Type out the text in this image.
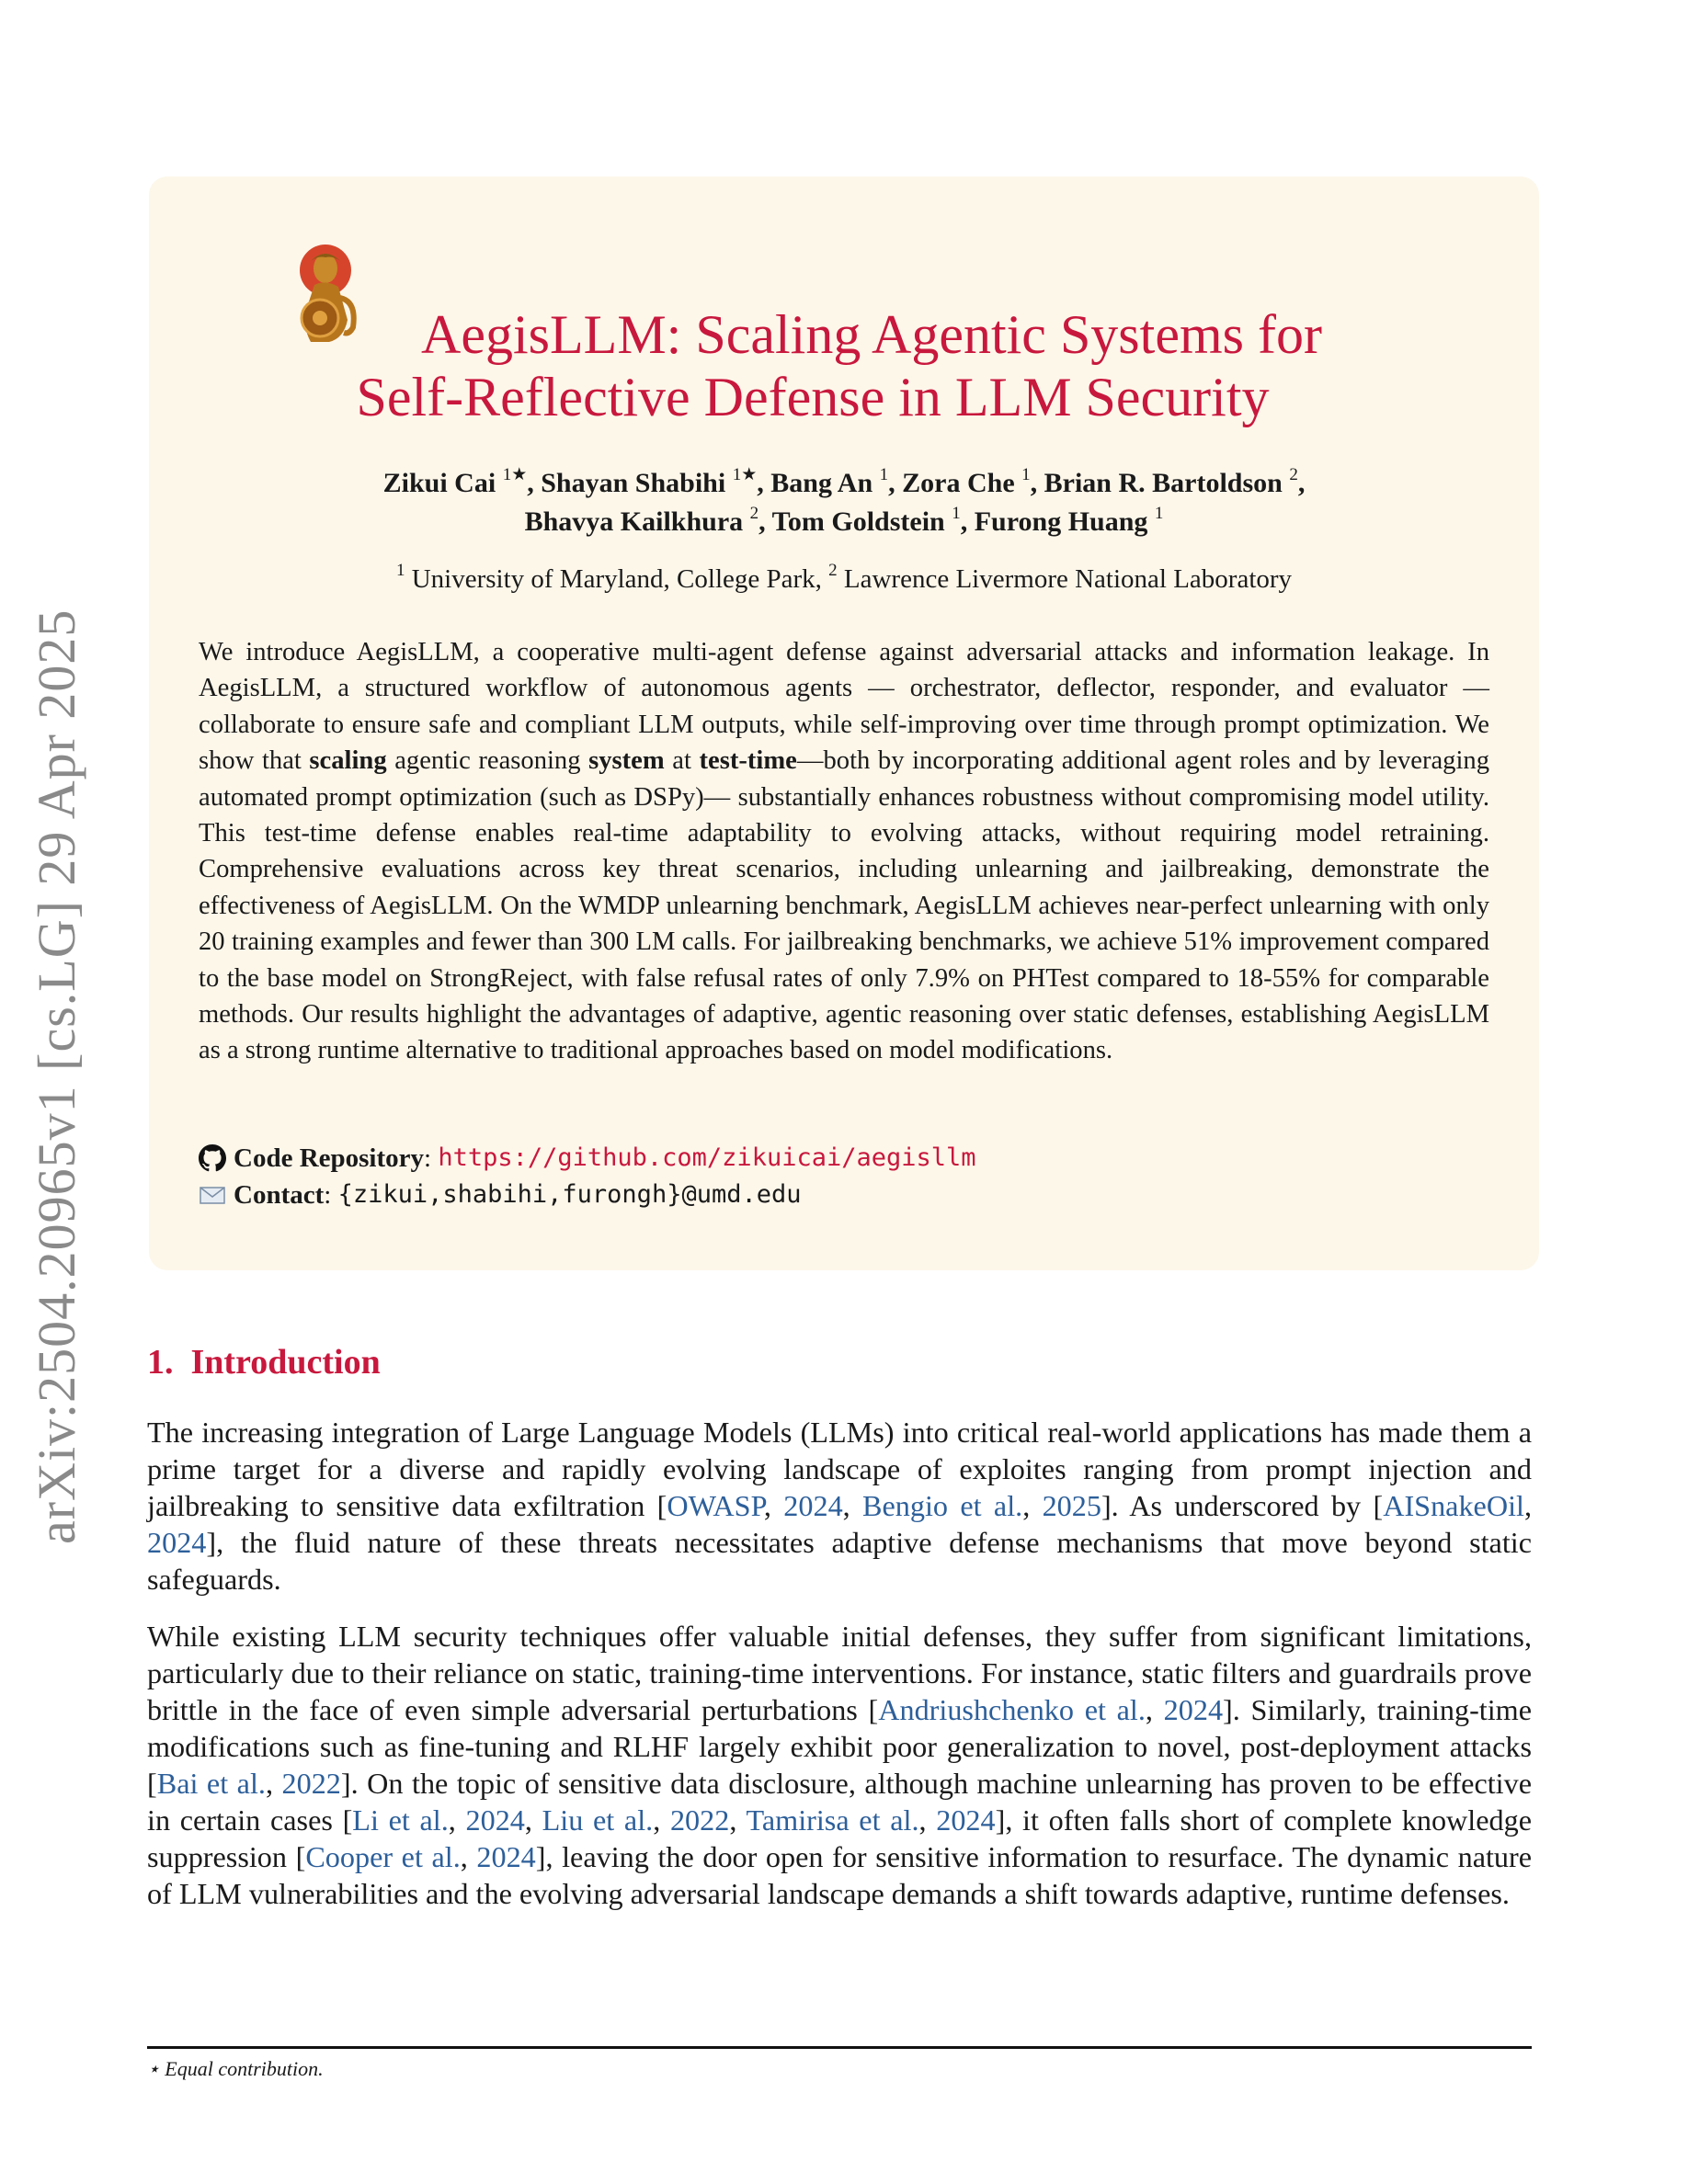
arXiv:2504.20965v1 [cs.LG] 29 Apr 2025
AegisLLM: Scaling Agentic Systems for
Self-Reflective Defense in LLM Security
Zikui Cai $^{1★}$, Shayan Shabihi $^{1★}$, Bang An $^1$, Zora Che $^1$, Brian R. Bartoldson $^2$,
Bhavya Kailkhura $^2$, Tom Goldstein $^1$, Furong Huang $^1$
$^1$ University of Maryland, College Park, $^2$ Lawrence Livermore National Laboratory

We introduce AegisLLM, a cooperative multi-agent defense against adversarial attacks and information leakage. In AegisLLM, a structured workflow of autonomous agents — orchestrator, deflector, responder, and evaluator — collaborate to ensure safe and compliant LLM outputs, while self-improving over time through prompt optimization. We show that scaling agentic reasoning system at test-time—both by incorporating additional agent roles and by leveraging automated prompt optimization (such as DSPy)— substantially enhances robustness without compromising model utility. This test-time defense enables real-time adaptability to evolving attacks, without requiring model retraining. Comprehensive evaluations across key threat scenarios, including unlearning and jailbreaking, demonstrate the effectiveness of AegisLLM. On the WMDP unlearning benchmark, AegisLLM achieves near-perfect unlearning with only 20 training examples and fewer than 300 LM calls. For jailbreaking benchmarks, we achieve 51% improvement compared to the base model on StrongReject, with false refusal rates of only 7.9% on PHTest compared to 18-55% for comparable methods. Our results highlight the advantages of adaptive, agentic reasoning over static defenses, establishing AegisLLM as a strong runtime alternative to traditional approaches based on model modifications.

Code Repository :
https://github.com/zikuicai/aegisllm
Contact :
{zikui,shabihi,furongh}@umd.edu
1. Introduction

The increasing integration of Large Language Models (LLMs) into critical real-world applications has made them a prime target for a diverse and rapidly evolving landscape of exploites ranging from prompt injection and jailbreaking to sensitive data exfiltration [OWASP, 2024, Bengio et al., 2025]. As underscored by [AISnakeOil, 2024], the fluid nature of these threats necessitates adaptive defense mechanisms that move beyond static safeguards.

While existing LLM security techniques offer valuable initial defenses, they suffer from significant limitations, particularly due to their reliance on static, training-time interventions. For instance, static filters and guardrails prove brittle in the face of even simple adversarial perturbations [Andriushchenko et al., 2024]. Similarly, training-time modifications such as fine-tuning and RLHF largely exhibit poor generalization to novel, post-deployment attacks [Bai et al., 2022]. On the topic of sensitive data disclosure, although machine unlearning has proven to be effective in certain cases [Li et al., 2024, Liu et al., 2022, Tamirisa et al., 2024], it often falls short of complete knowledge suppression [Cooper et al., 2024], leaving the door open for sensitive information to resurface. The dynamic nature of LLM vulnerabilities and the evolving adversarial landscape demands a shift towards adaptive, runtime defenses.

⋆ Equal contribution.
